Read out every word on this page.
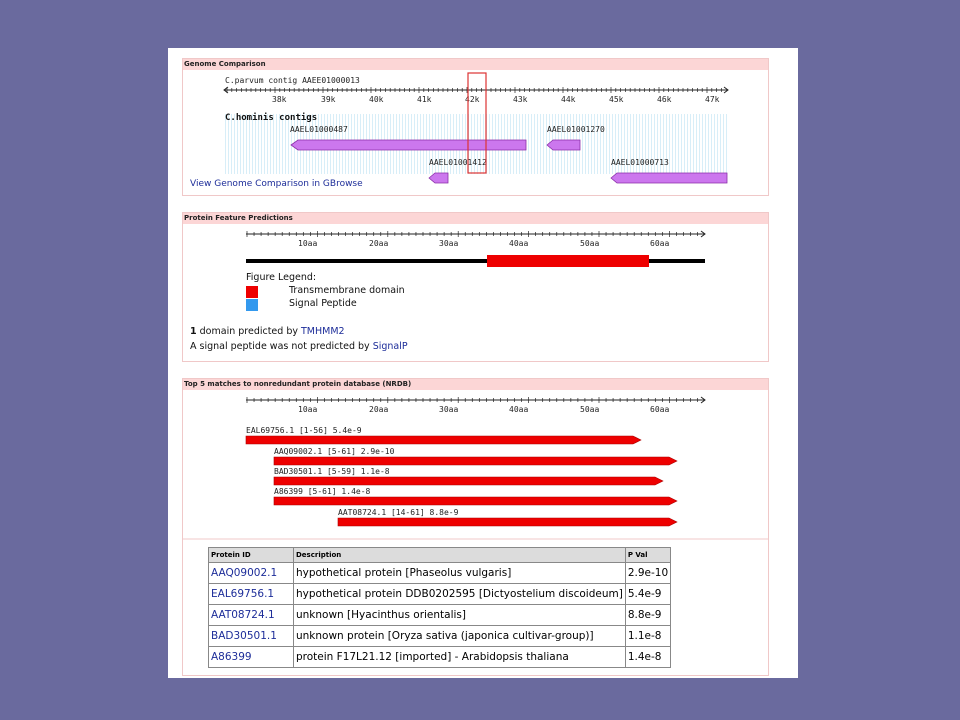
Genome Comparison
C.parvum contig AAEE01000013
38k	39k	40k	41k	42k	43k	44k	45k	46k	47k
C.hominis contigs
AAEL01000487	AAEL01001270
AAEL01001412	AAEL01000713
View Genome Comparison in GBrowse
Protein Feature Predictions
10aa	20aa	30aa	40aa	50aa	60aa
Figure Legend:
Transmembrane domain
Signal Peptide
1 domain predicted by TMHMM2
A signal peptide was not predicted by SignalP
Top 5 matches to nonredundant protein database (NRDB)
10aa	20aa	30aa	40aa	50aa	60aa
EAL69756.1 [1-56] 5.4e-9
AAQ09002.1 [5-61] 2.9e-10
BAD30501.1 [5-59] 1.1e-8
A86399 [5-61] 1.4e-8
AAT08724.1 [14-61] 8.8e-9
Protein ID	Description	P Val
AAQ09002.1	hypothetical protein [Phaseolus vulgaris]	2.9e-10
EAL69756.1	hypothetical protein DDB0202595 [Dictyostelium discoideum]	5.4e-9
AAT08724.1	unknown [Hyacinthus orientalis]	8.8e-9
BAD30501.1	unknown protein [Oryza sativa (japonica cultivar-group)]	1.1e-8
A86399	protein F17L21.12 [imported] - Arabidopsis thaliana	1.4e-8
